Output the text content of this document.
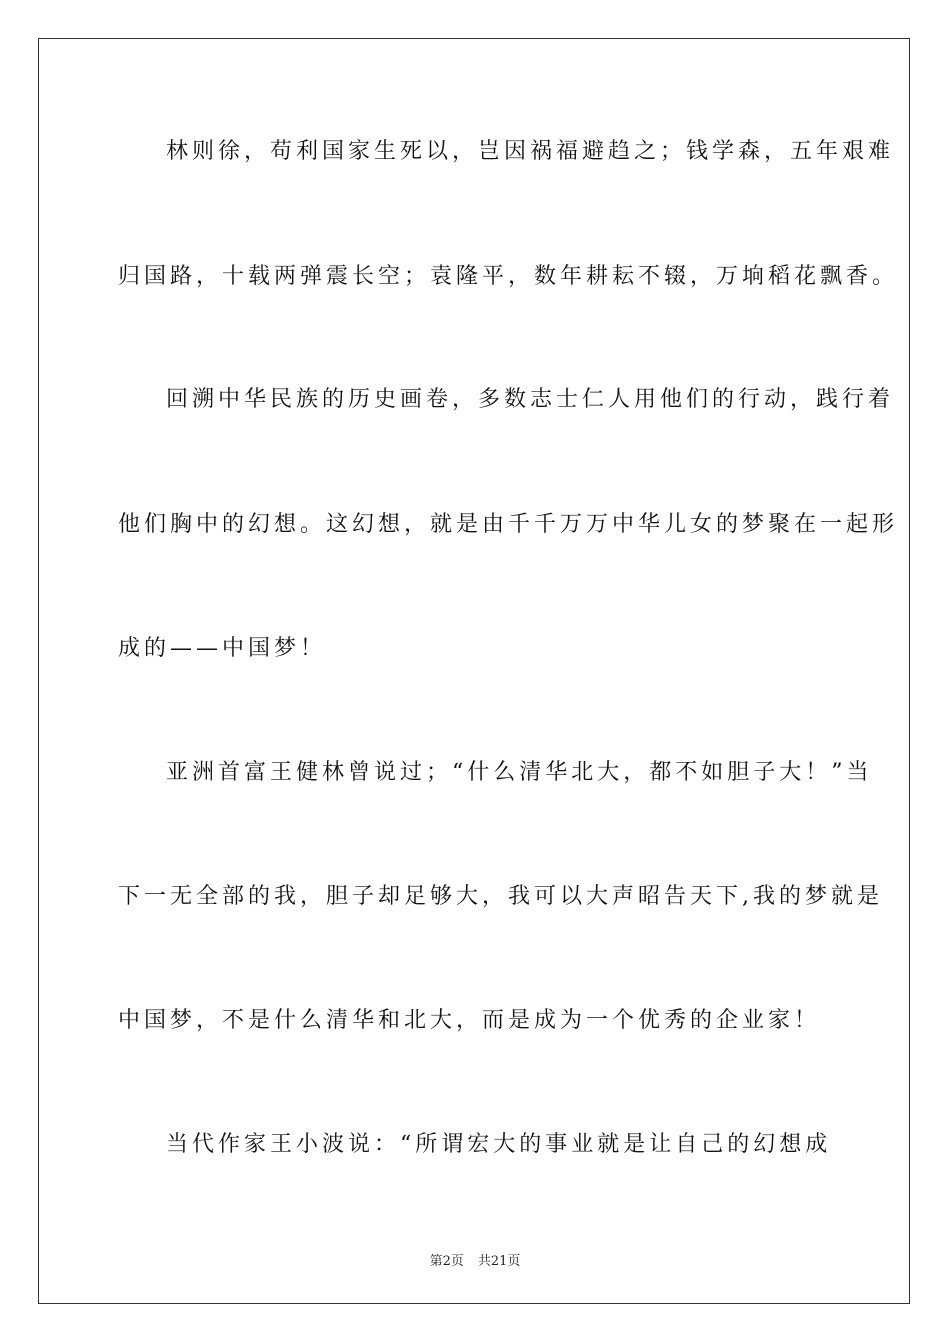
林则徐，苟利国家生死以，岂因祸福避趋之；钱学森，五年艰难
归国路，十载两弹震长空；袁隆平，数年耕耘不辍，万垧稻花飘香。
回溯中华民族的历史画卷，多数志士仁人用他们的行动，践行着
他们胸中的幻想。这幻想，就是由千千万万中华儿女的梦聚在一起形
成的——中国梦！
亚洲首富王健林曾说过；“什么清华北大，都不如胆子大！”当
下一无全部的我，胆子却足够大，我可以大声昭告天下,我的梦就是
中国梦，不是什么清华和北大，而是成为一个优秀的企业家！
当代作家王小波说：“所谓宏大的事业就是让自己的幻想成
第2页 共21页
